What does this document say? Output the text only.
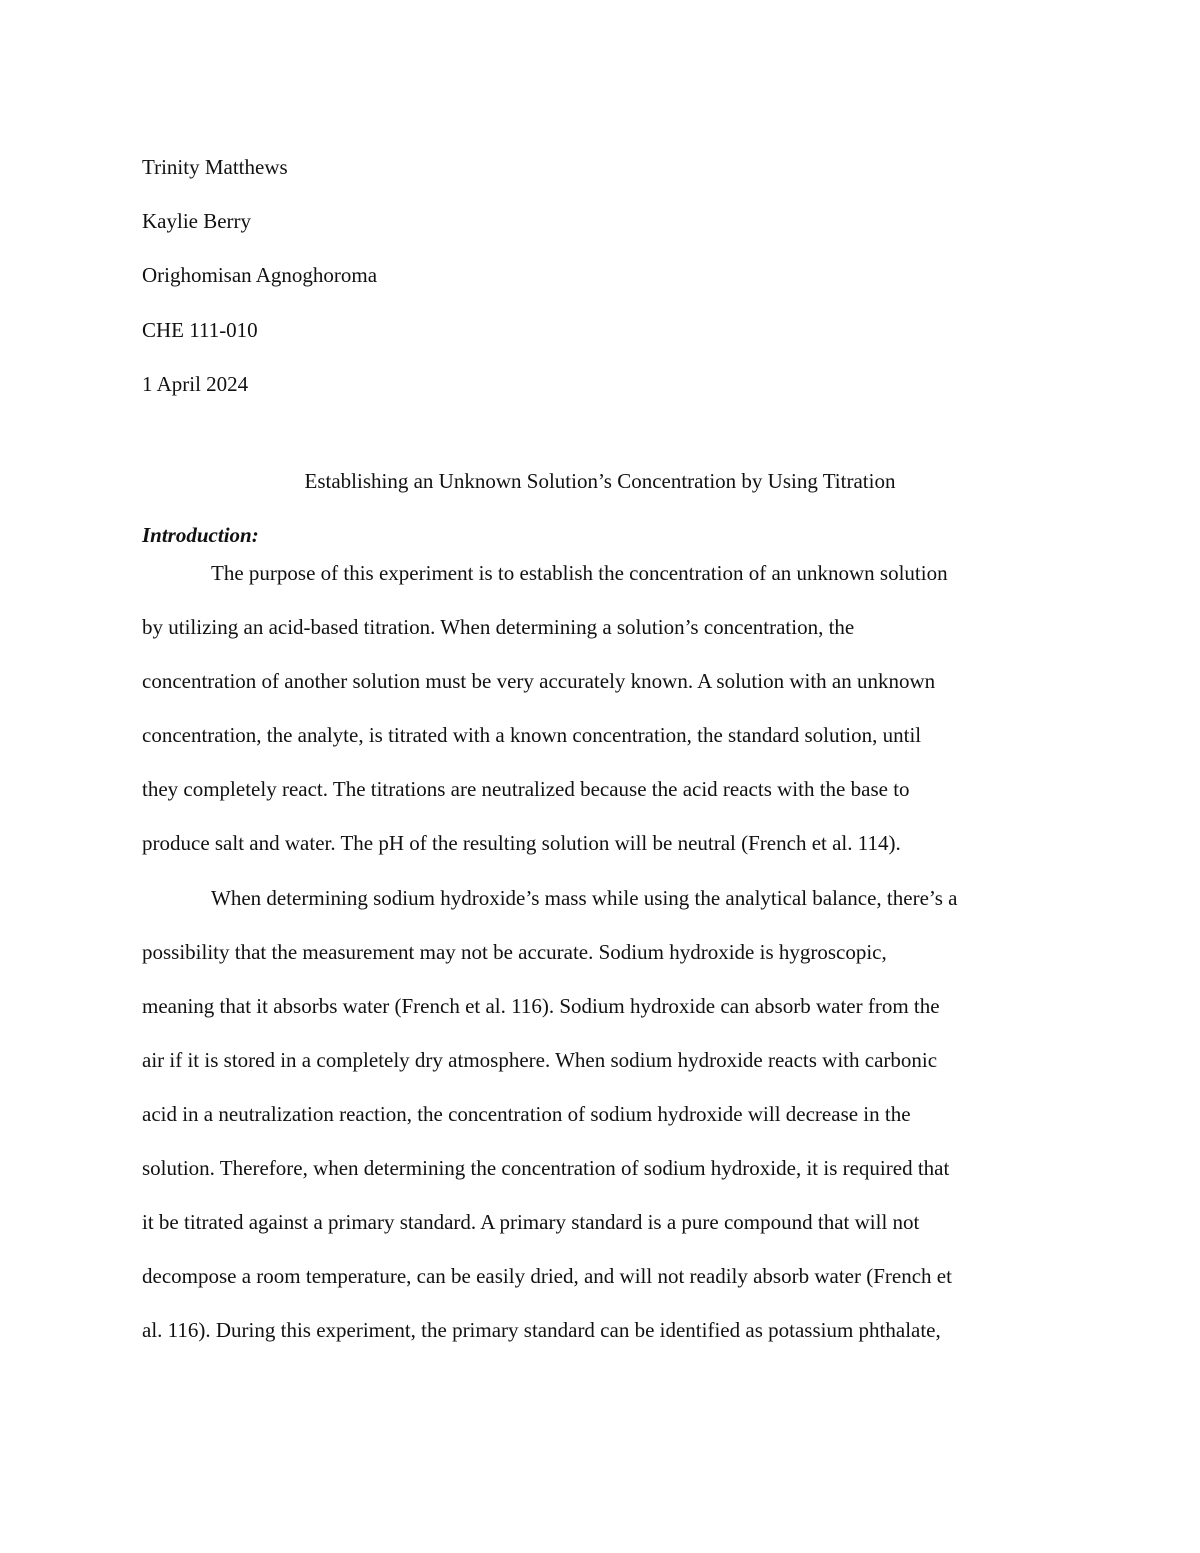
Trinity Matthews
Kaylie Berry
Orighomisan Agnoghoroma
CHE 111-010
1 April 2024
Establishing an Unknown Solution’s Concentration by Using Titration
Introduction:
The purpose of this experiment is to establish the concentration of an unknown solution
by utilizing an acid-based titration. When determining a solution’s concentration, the
concentration of another solution must be very accurately known. A solution with an unknown
concentration, the analyte, is titrated with a known concentration, the standard solution, until
they completely react. The titrations are neutralized because the acid reacts with the base to
produce salt and water. The pH of the resulting solution will be neutral (French et al. 114).
When determining sodium hydroxide’s mass while using the analytical balance, there’s a
possibility that the measurement may not be accurate. Sodium hydroxide is hygroscopic,
meaning that it absorbs water (French et al. 116). Sodium hydroxide can absorb water from the
air if it is stored in a completely dry atmosphere. When sodium hydroxide reacts with carbonic
acid in a neutralization reaction, the concentration of sodium hydroxide will decrease in the
solution. Therefore, when determining the concentration of sodium hydroxide, it is required that
it be titrated against a primary standard. A primary standard is a pure compound that will not
decompose a room temperature, can be easily dried, and will not readily absorb water (French et
al. 116). During this experiment, the primary standard can be identified as potassium phthalate,
